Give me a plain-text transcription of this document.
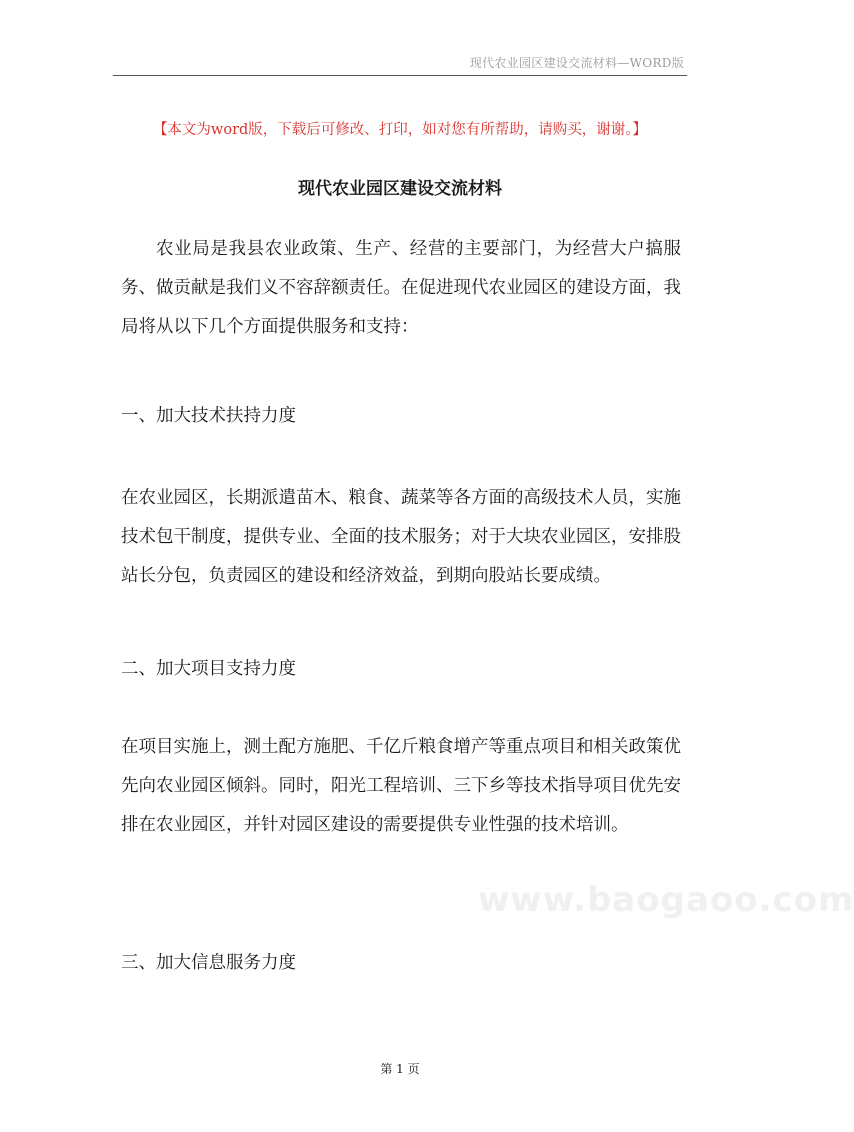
现代农业园区建设交流材料—WORD版
【本文为word版，下载后可修改、打印，如对您有所帮助，请购买，谢谢。】
现代农业园区建设交流材料

农业局是我县农业政策、生产、经营的主要部门，为经营大户搞服务、做贡献是我们义不容辞额责任。在促进现代农业园区的建设方面，我局将从以下几个方面提供服务和支持：

一、加大技术扶持力度

在农业园区，长期派遣苗木、粮食、蔬菜等各方面的高级技术人员，实施技术包干制度，提供专业、全面的技术服务；对于大块农业园区，安排股站长分包，负责园区的建设和经济效益，到期向股站长要成绩。

二、加大项目支持力度

在项目实施上，测土配方施肥、千亿斤粮食增产等重点项目和相关政策优先向农业园区倾斜。同时，阳光工程培训、三下乡等技术指导项目优先安排在农业园区，并针对园区建设的需要提供专业性强的技术培训。

三、加大信息服务力度

www.baogaoo.com
第 1 页
